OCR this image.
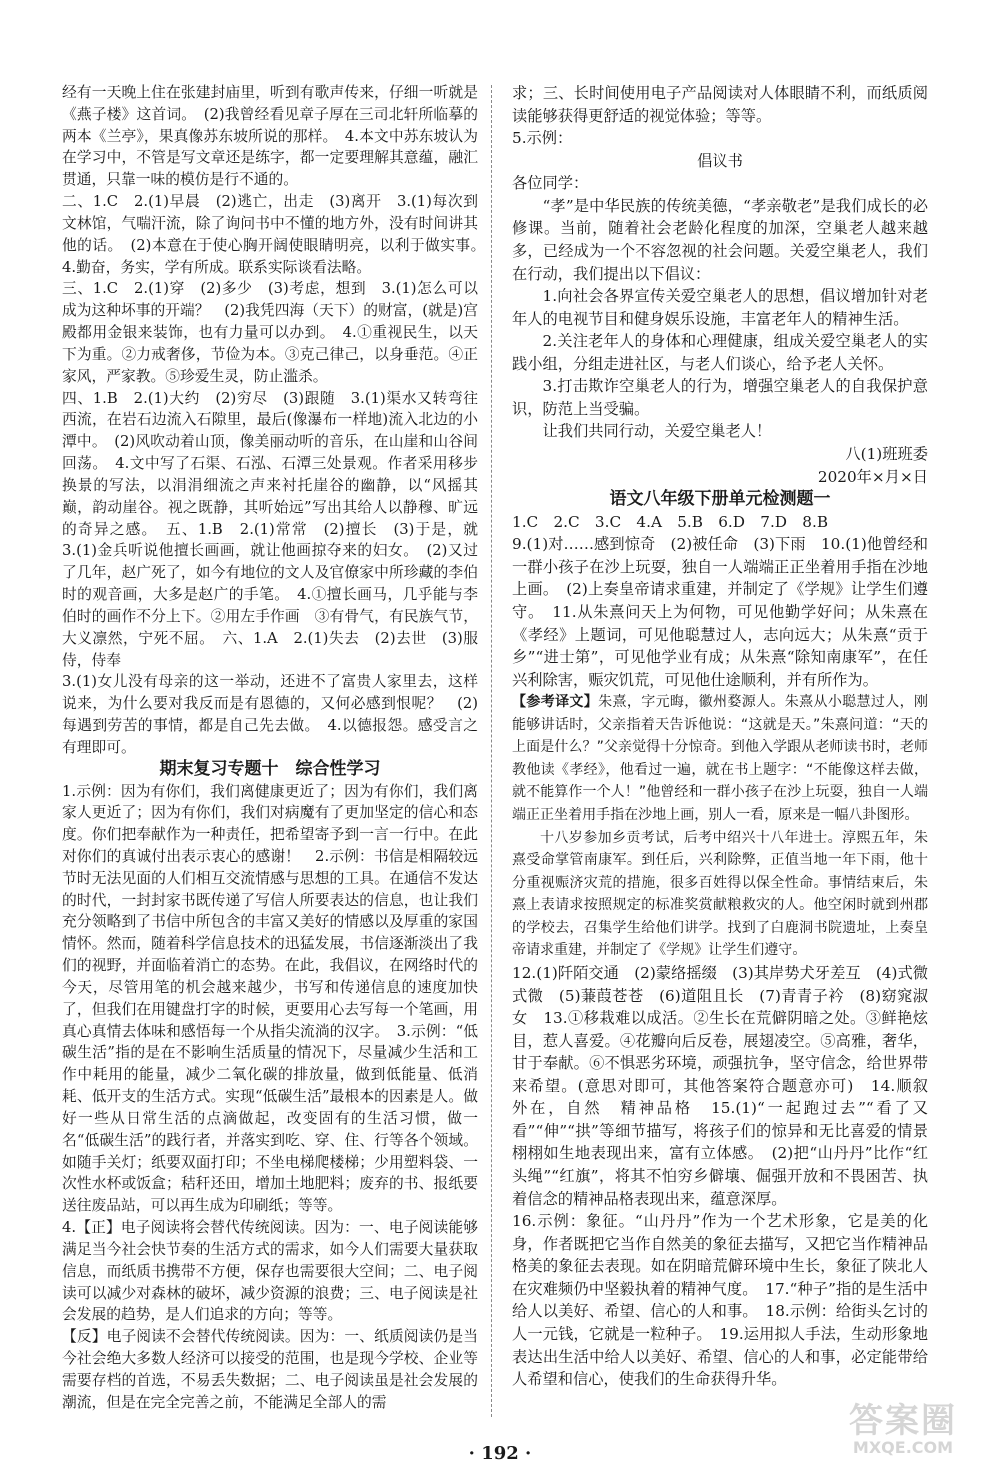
经有一天晚上住在张建封庙里，听到有歌声传来，仔细一听就是《燕子楼》这首词。　(2)我曾经看见章子厚在三司北轩所临摹的两本《兰亭》，果真像苏东坡所说的那样。　4.本文中苏东坡认为在学习中，不管是写文章还是练字，都一定要理解其意蕴，融汇贯通，只靠一味的模仿是行不通的。

二、1.C　2.(1)早晨　(2)逃亡，出走　(3)离开　3.(1)每次到文林馆，气喘汗流，除了询问书中不懂的地方外，没有时间讲其他的话。　(2)本意在于使心胸开阔使眼睛明亮，以利于做实事。　4.勤奋，务实，学有所成。联系实际谈看法略。

三、1.C　2.(1)穿　(2)多少　(3)考虑，想到　3.(1)怎么可以成为这种坏事的开端？　(2)我凭四海（天下）的财富，(就是)宫殿都用金银来装饰，也有力量可以办到。　4.①重视民生，以天下为重。②力戒奢侈，节俭为本。③克己律己，以身垂范。④正家风，严家教。⑤珍爱生灵，防止滥杀。

四、1.B　2.(1)大约　(2)穷尽　(3)跟随　3.(1)渠水又转弯往西流，在岩石边流入石隙里，最后(像瀑布一样地)流入北边的小潭中。　(2)风吹动着山顶，像美丽动听的音乐，在山崖和山谷间回荡。　4.文中写了石渠、石泓、石潭三处景观。作者采用移步换景的写法，以涓涓细流之声来衬托崖谷的幽静，以“风摇其巅，韵动崖谷。视之既静，其听始远”写出其给人以静穆、旷远的奇异之感。　五、1.B　2.(1)常常　(2)擅长　(3)于是，就　3.(1)金兵听说他擅长画画，就让他画掠夺来的妇女。　(2)又过了几年，赵广死了，如今有地位的文人及官僚家中所珍藏的李伯时的观音画，大多是赵广的手笔。　4.①擅长画马，几乎能与李伯时的画作不分上下。②用左手作画　③有骨气，有民族气节，大义凛然，宁死不屈。　六、1.A　2.(1)失去　(2)去世　(3)服侍，侍奉

3.(1)女儿没有母亲的这一举动，还进不了富贵人家里去，这样说来，为什么要对我反而是有恩德的，又何必感到恨呢？　(2)每遇到劳苦的事情，都是自己先去做。　4.以德报怨。感受言之有理即可。

期末复习专题十　综合性学习

1.示例：因为有你们，我们离健康更近了；因为有你们，我们离家人更近了；因为有你们，我们对病魔有了更加坚定的信心和态度。你们把奉献作为一种责任，把希望寄予到一言一行中。在此对你们的真诚付出表示衷心的感谢！　2.示例：书信是相隔较远节时无法见面的人们相互交流情感与思想的工具。在通信不发达的时代，一封封家书既传递了写信人所要表达的信息，也让我们充分领略到了书信中所包含的丰富又美好的情感以及厚重的家国情怀。然而，随着科学信息技术的迅猛发展，书信逐渐淡出了我们的视野，并面临着消亡的态势。在此，我倡议，在网络时代的今天，尽管用笔的机会越来越少，书写和传递信息的速度加快了，但我们在用键盘打字的时候，更要用心去写每一个笔画，用真心真情去体味和感悟每一个从指尖流淌的汉字。　3.示例：“低碳生活”指的是在不影响生活质量的情况下，尽量减少生活和工作中耗用的能量，减少二氧化碳的排放量，做到低能量、低消耗、低开支的生活方式。实现“低碳生活”最根本的因素是人。做好一些从日常生活的点滴做起，改变固有的生活习惯，做一名“低碳生活”的践行者，并落实到吃、穿、住、行等各个领域。如随手关灯；纸要双面打印；不坐电梯爬楼梯；少用塑料袋、一次性水杯或饭盒；秸秆还田，增加土地肥料；废弃的书、报纸要送往废品站，可以再生成为印刷纸；等等。

4.【正】电子阅读将会替代传统阅读。因为：一、电子阅读能够满足当今社会快节奏的生活方式的需求，如今人们需要大量获取信息，而纸质书携带不方便，保存也需要很大空间；二、电子阅读可以减少对森林的破坏，减少资源的浪费；三、电子阅读是社会发展的趋势，是人们追求的方向；等等。

【反】电子阅读不会替代传统阅读。因为：一、纸质阅读仍是当今社会绝大多数人经济可以接受的范围，也是现今学校、企业等需要存档的首选，不易丢失数据；二、电子阅读虽是社会发展的潮流，但是在完全完善之前，不能满足全部人的需

求；三、长时间使用电子产品阅读对人体眼睛不利，而纸质阅读能够获得更舒适的视觉体验；等等。

5.示例：

倡议书

各位同学：

“孝”是中华民族的传统美德，“孝亲敬老”是我们成长的必修课。当前，随着社会老龄化程度的加深，空巢老人越来越多，已经成为一个不容忽视的社会问题。关爱空巢老人，我们在行动，我们提出以下倡议：

1.向社会各界宣传关爱空巢老人的思想，倡议增加针对老年人的电视节目和健身娱乐设施，丰富老年人的精神生活。

2.关注老年人的身体和心理健康，组成关爱空巢老人的实践小组，分组走进社区，与老人们谈心，给予老人关怀。

3.打击欺诈空巢老人的行为，增强空巢老人的自我保护意识，防范上当受骗。

让我们共同行动，关爱空巢老人！

八(1)班班委

2020年×月×日

语文八年级下册单元检测题一

1.C　2.C　3.C　4.A　5.B　6.D　7.D　8.B

9.(1)对……感到惊奇　(2)被任命　(3)下雨　10.(1)他曾经和一群小孩子在沙上玩耍，独自一人端端正正坐着用手指在沙地上画。　(2)上奏皇帝请求重建，并制定了《学规》让学生们遵守。　11.从朱熹问天上为何物，可见他勤学好问；从朱熹在《孝经》上题词，可见他聪慧过人，志向远大；从朱熹“贡于乡”“进士第”，可见他学业有成；从朱熹“除知南康军”，在任兴利除害，赈灾饥荒，可见他仕途顺利，并有所作为。

【参考译文】朱熹，字元晦，徽州婺源人。朱熹从小聪慧过人，刚能够讲话时，父亲指着天告诉他说：“这就是天。”朱熹问道：“天的上面是什么？”父亲觉得十分惊奇。到他入学跟从老师读书时，老师教他读《孝经》，他看过一遍，就在书上题字：“不能像这样去做，就不能算作一个人！”他曾经和一群小孩子在沙上玩耍，独自一人端端正正坐着用手指在沙地上画，别人一看，原来是一幅八卦图形。

十八岁参加乡贡考试，后考中绍兴十八年进士。淳熙五年，朱熹受命掌管南康军。到任后，兴利除弊，正值当地一年下雨，他十分重视赈济灾荒的措施，很多百姓得以保全性命。事情结束后，朱熹上表请求按照规定的标准奖赏献粮救灾的人。他空闲时就到州郡的学校去，召集学生给他们讲学。找到了白鹿洞书院遗址，上奏皇帝请求重建，并制定了《学规》让学生们遵守。

12.(1)阡陌交通　(2)蒙络摇缀　(3)其岸势犬牙差互　(4)式微式微　(5)蒹葭苍苍　(6)道阻且长　(7)青青子衿　(8)窈窕淑女　13.①移栽难以成活。②生长在荒僻阴暗之处。③鲜艳炫目，惹人喜爱。④花瓣向后反卷，展翅凌空。⑤高雅，奢华，甘于奉献。⑥不惧恶劣环境，顽强抗争，坚守信念，给世界带来希望。(意思对即可，其他答案符合题意亦可)　14.顺叙　外在，自然　精神品格　15.(1)“一起跑过去”“看了又看”“伸”“拱”等细节描写，将孩子们的惊异和无比喜爱的情景栩栩如生地表现出来，富有立体感。　(2)把“山丹丹”比作“红头绳”“红旗”，将其不怕穷乡僻壤、倔强开放和不畏困苦、执着信念的精神品格表现出来，蕴意深厚。

16.示例：象征。“山丹丹”作为一个艺术形象，它是美的化身，作者既把它当作自然美的象征去描写，又把它当作精神品格美的象征去表现。如在阴暗荒僻环境中生长，象征了陕北人在灾难频仍中坚毅执着的精神气度。　17.“种子”指的是生活中给人以美好、希望、信心的人和事。　18.示例：给街头乞讨的人一元钱，它就是一粒种子。　19.运用拟人手法，生动形象地表达出生活中给人以美好、希望、信心的人和事，必定能带给人希望和信心，使我们的生命获得升华。

· 192 ·
答案圈
MXQE.COM
